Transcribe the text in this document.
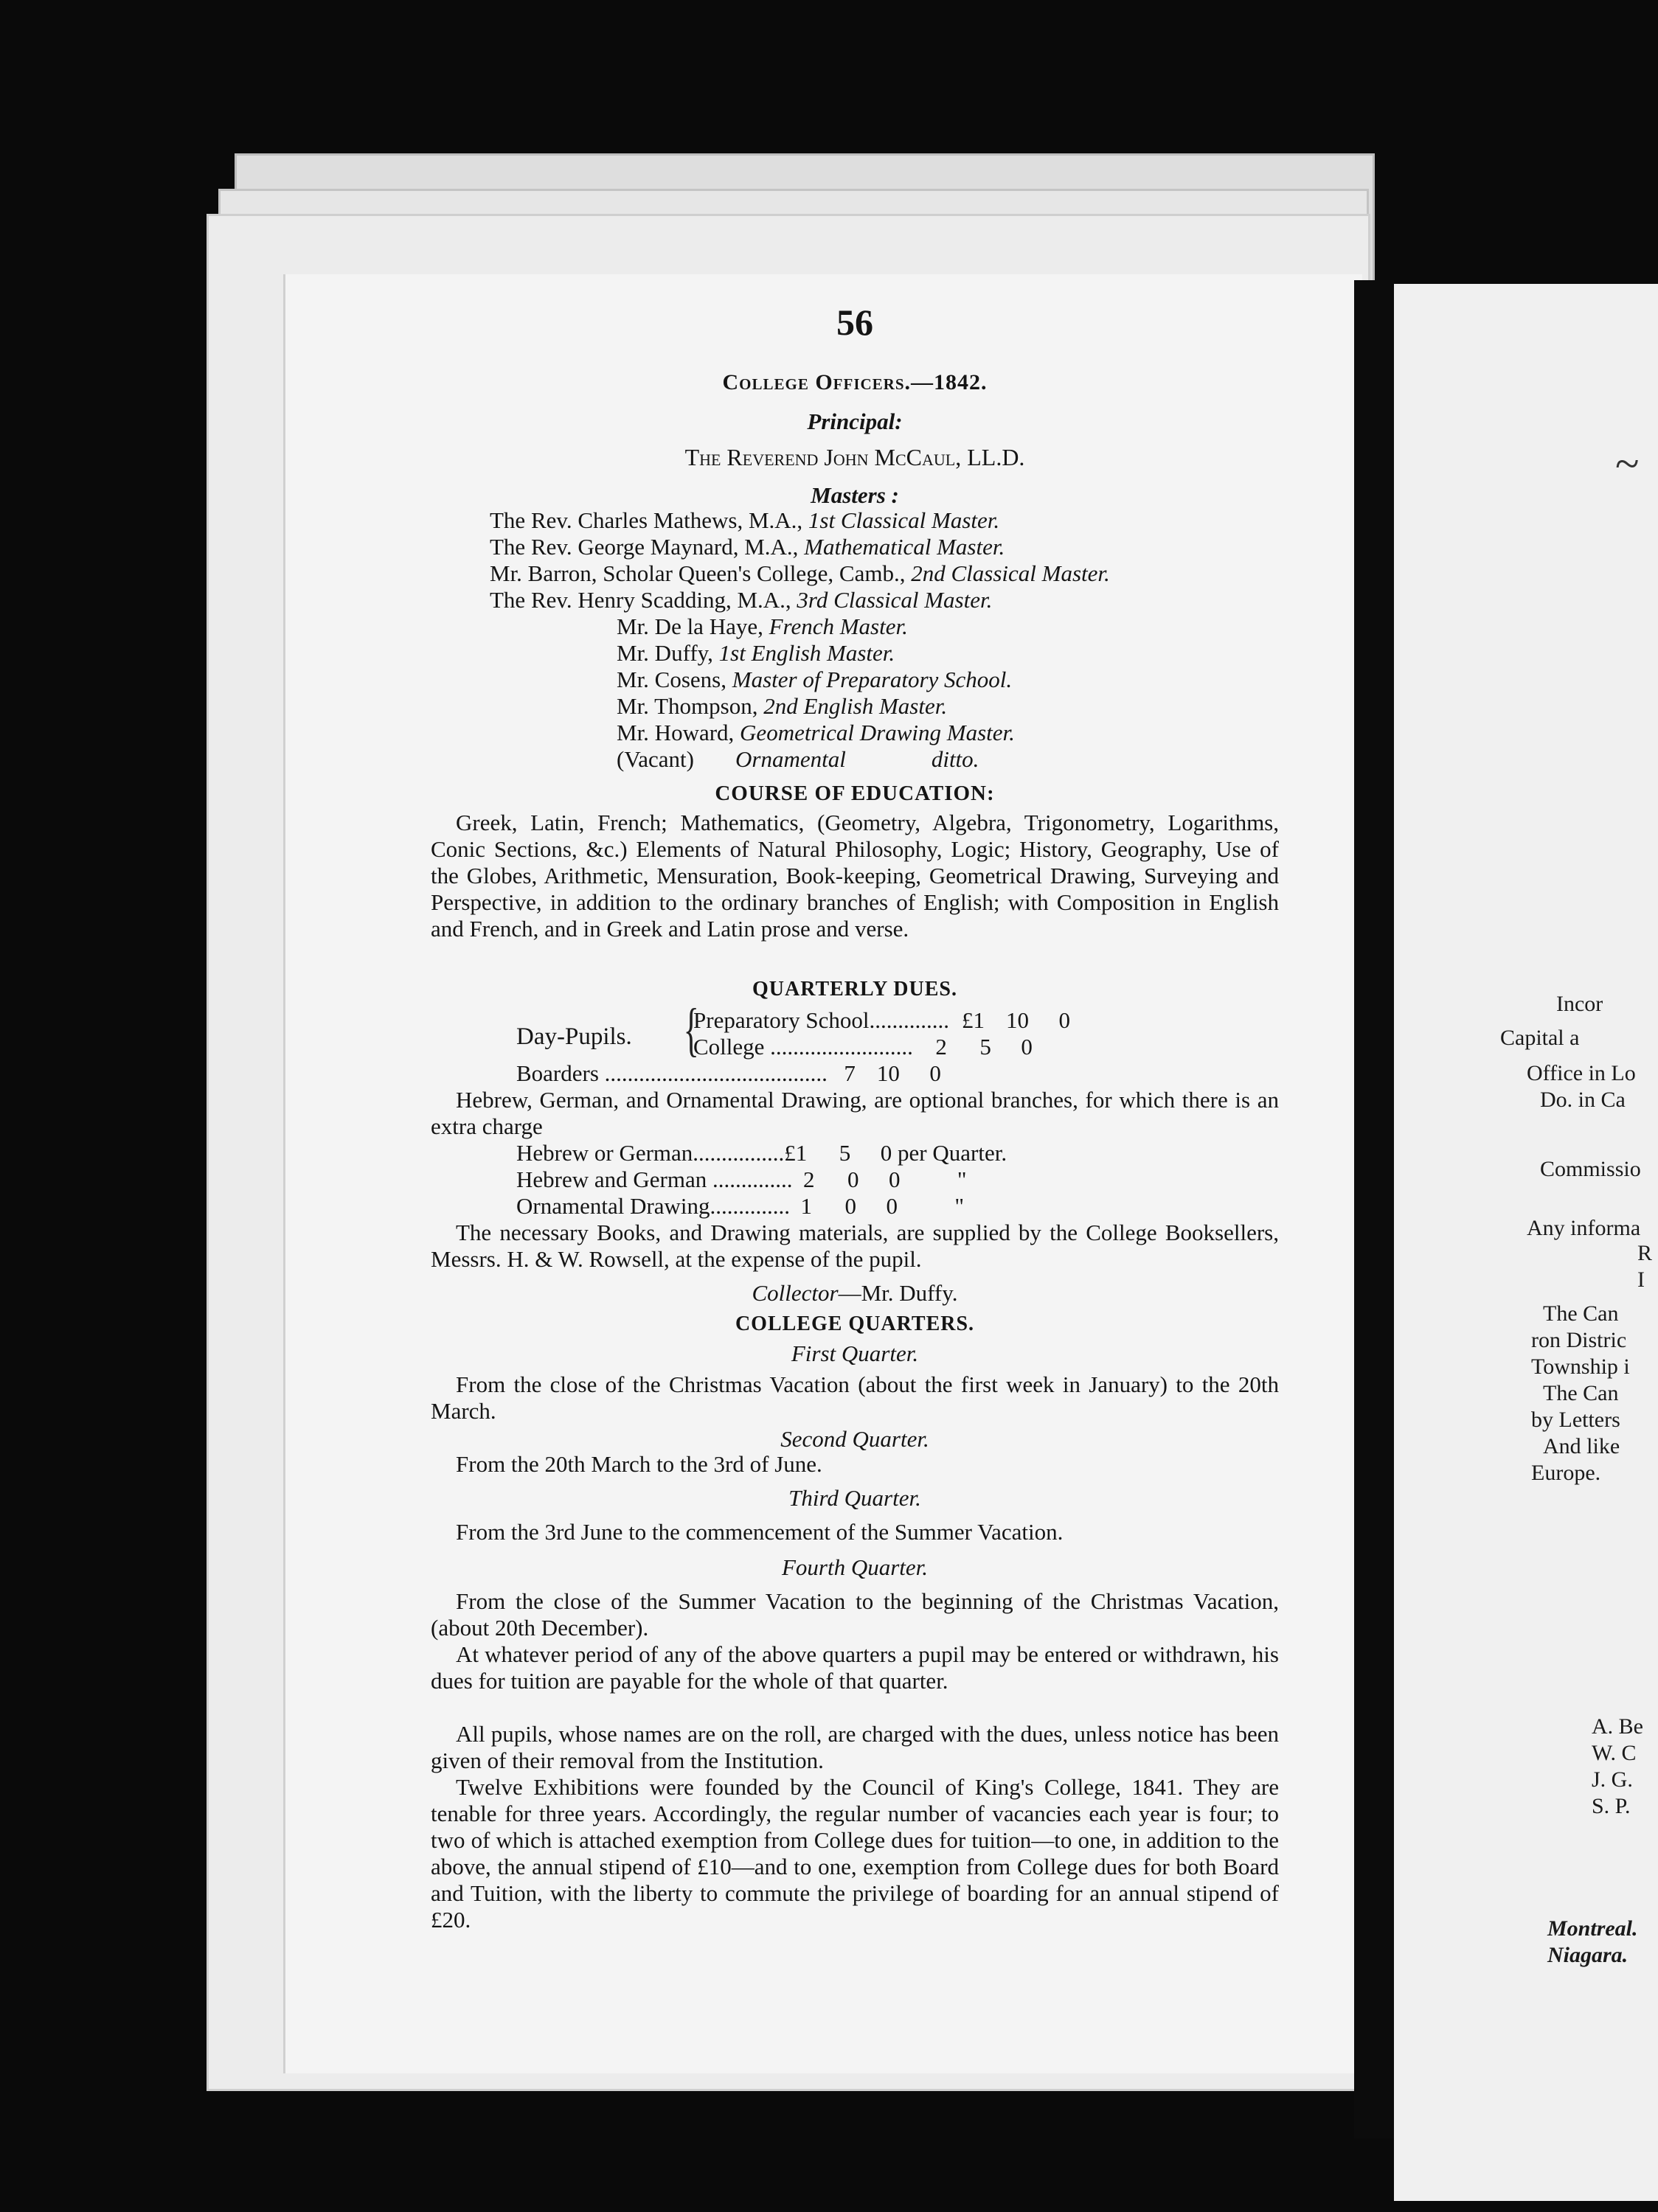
~
Incor
Capital a
Office in Lo
Do. in Ca
Commissio
Any informa
R
I
The Can
ron Distric
Township i
The Can
by Letters
And like
Europe.
A. Be
W. C
J. G.
S. P.
Montreal.
Niagara.
56
College Officers.—1842.
Principal:
The Reverend John McCaul, LL.D.
Masters :
The Rev. Charles Mathews, M.A., 1st Classical Master.
The Rev. George Maynard, M.A., Mathematical Master.
Mr. Barron, Scholar Queen's College, Camb., 2nd Classical Master.
The Rev. Henry Scadding, M.A., 3rd Classical Master.
Mr. De la Haye, French Master.
Mr. Duffy, 1st English Master.
Mr. Cosens, Master of Preparatory School.
Mr. Thompson, 2nd English Master.
Mr. Howard, Geometrical Drawing Master.
(Vacant) Ornamental	ditto.
COURSE OF EDUCATION:
Greek, Latin, French; Mathematics, (Geometry, Algebra, Trigonometry, Logarithms, Conic Sections, &c.) Elements of Natural Philosophy, Logic; History, Geography, Use of the Globes, Arithmetic, Mensuration, Book-keeping, Geometrical Drawing, Surveying and Perspective, in addition to the ordinary branches of English; with Composition in English and French, and in Greek and Latin prose and verse.
QUARTERLY DUES.
Day-Pupils. {
Preparatory School.............. £1 10 0
College ......................... 2 5 0
Boarders ....................................... 7 10 0
Hebrew, German, and Ornamental Drawing, are optional branches, for which there is an extra charge
Hebrew or German................£1 5 0 per Quarter.
Hebrew and German .............. 2 0 0 "
Ornamental Drawing.............. 1 0 0 "
The necessary Books, and Drawing materials, are supplied by the College Booksellers, Messrs. H. & W. Rowsell, at the expense of the pupil.
Collector—Mr. Duffy.
COLLEGE QUARTERS.
First Quarter.
From the close of the Christmas Vacation (about the first week in January) to the 20th March.
Second Quarter.
From the 20th March to the 3rd of June.
Third Quarter.
From the 3rd June to the commencement of the Summer Vacation.
Fourth Quarter.
From the close of the Summer Vacation to the beginning of the Christmas Vacation, (about 20th December).
At whatever period of any of the above quarters a pupil may be entered or withdrawn, his dues for tuition are payable for the whole of that quarter.
All pupils, whose names are on the roll, are charged with the dues, unless notice has been given of their removal from the Institution.
Twelve Exhibitions were founded by the Council of King's College, 1841. They are tenable for three years. Accordingly, the regular number of vacancies each year is four; to two of which is attached exemption from College dues for tuition—to one, in addition to the above, the annual stipend of £10—and to one, exemption from College dues for both Board and Tuition, with the liberty to commute the privilege of boarding for an annual stipend of £20.
